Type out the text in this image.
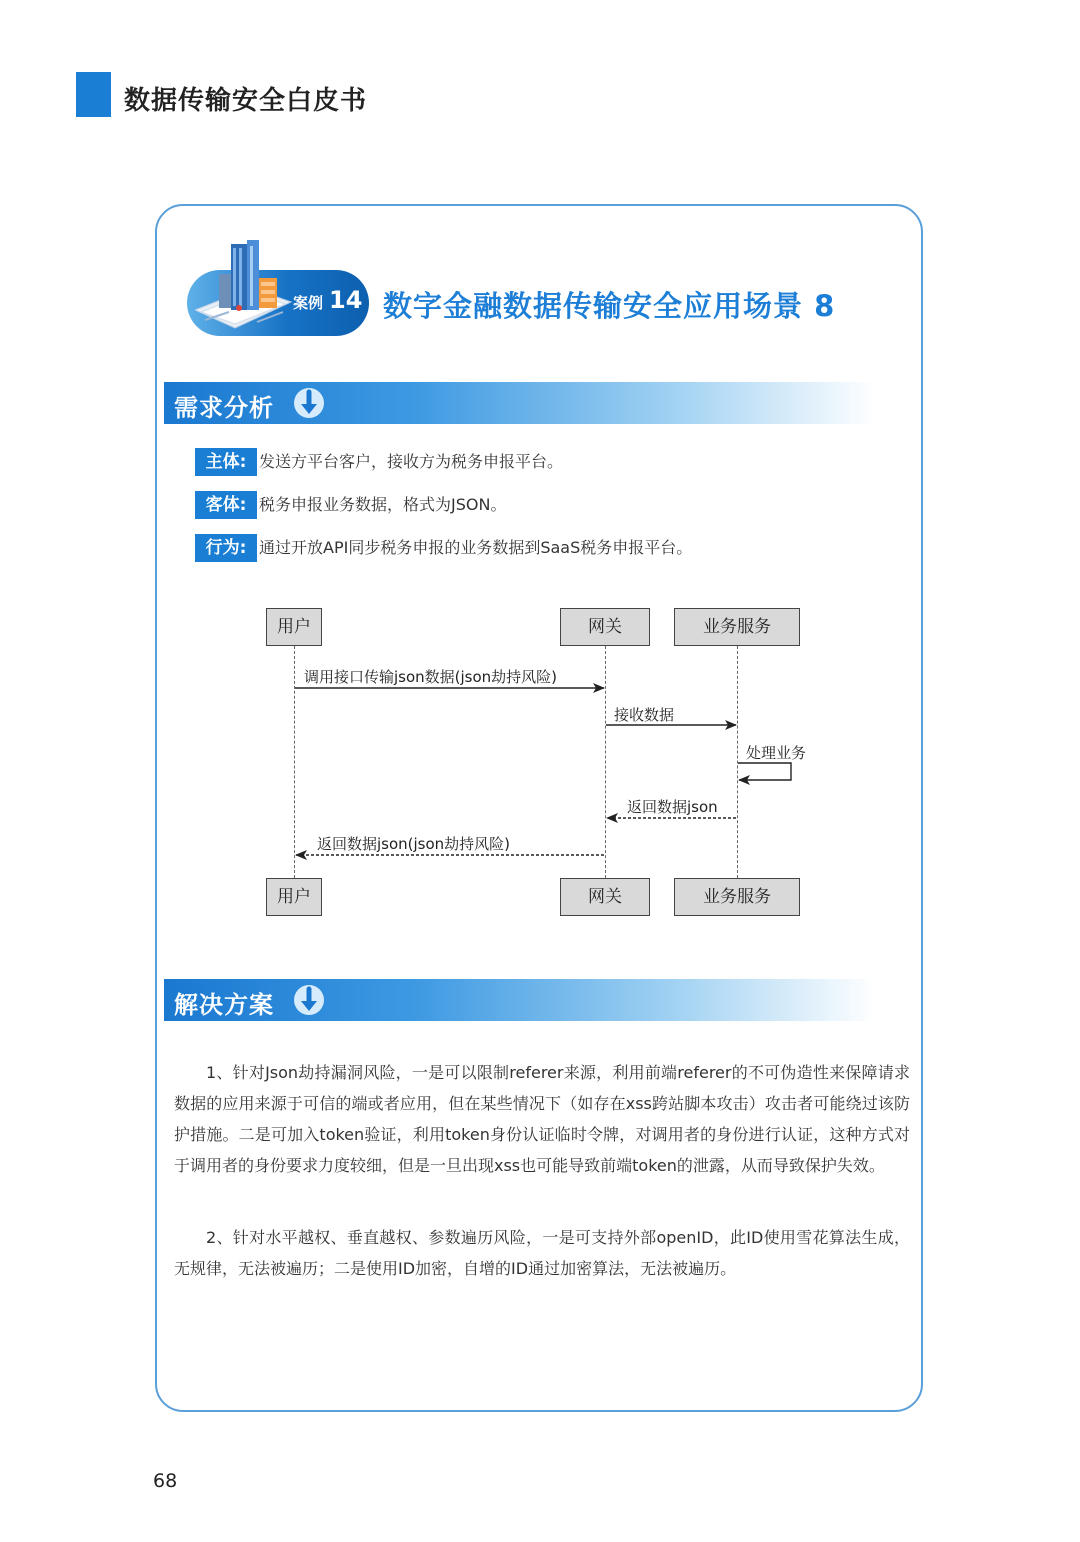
数据传输安全白皮书
案例 14 数字金融数据传输安全应用场景 8
需求分析
主体: 发送方平台客户，接收方为税务申报平台。
客体: 税务申报业务数据，格式为JSON。
行为: 通过开放API同步税务申报的业务数据到SaaS税务申报平台。
用户	网关	业务服务
用户	网关	业务服务
调用接口传输json数据(json劫持风险)
接收数据
处理业务
返回数据json
返回数据json(json劫持风险)
解决方案
1、针对Json劫持漏洞风险，一是可以限制referer来源，利用前端referer的不可伪造性来保障请求数据的应用来源于可信的端或者应用，但在某些情况下（如存在xss跨站脚本攻击）攻击者可能绕过该防护措施。二是可加入token验证，利用token身份认证临时令牌，对调用者的身份进行认证，这种方式对于调用者的身份要求力度较细，但是一旦出现xss也可能导致前端token的泄露，从而导致保护失效。
2、针对水平越权、垂直越权、参数遍历风险，一是可支持外部openID，此ID使用雪花算法生成，无规律，无法被遍历；二是使用ID加密，自增的ID通过加密算法，无法被遍历。
68
